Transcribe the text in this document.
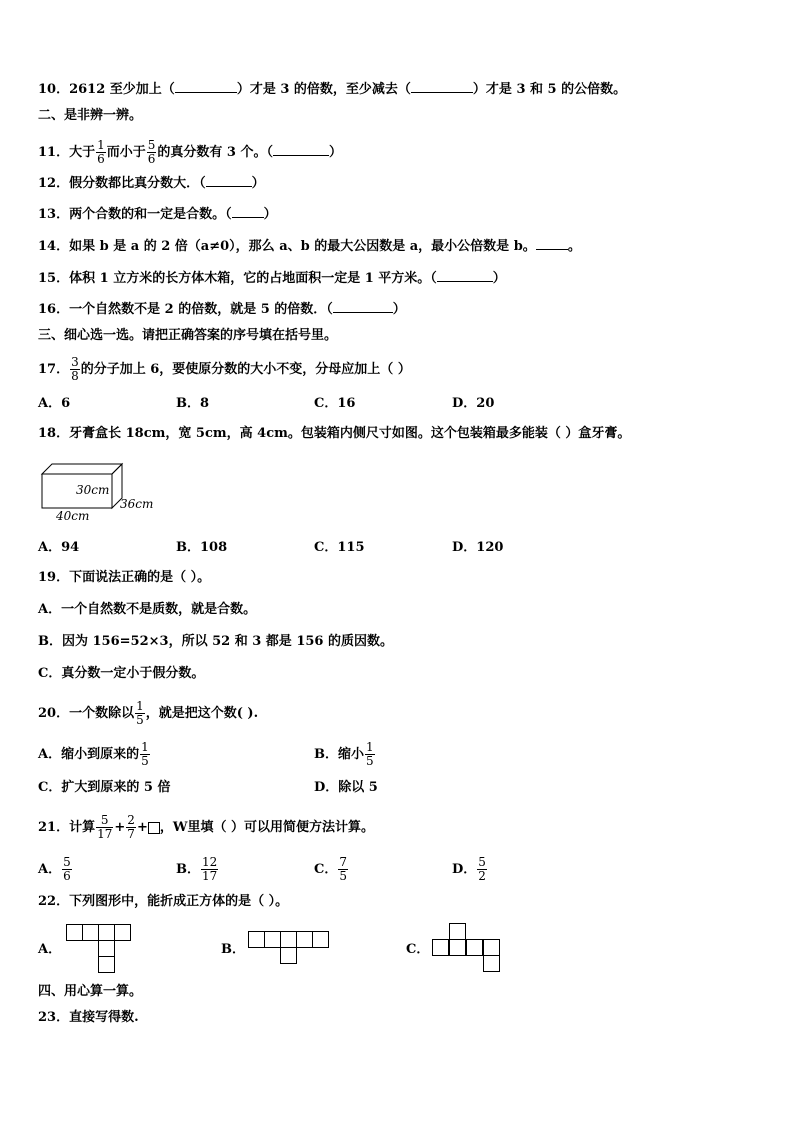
10．2612 至少加上（	）才是 3 的倍数，至少减去（	）才是 3 和 5 的公倍数。
二、是非辨一辨。
11．大于 $\frac{1}{6}$ 而小于 $\frac{5}{6}$ 的真分数有 3 个。（	）
12．假分数都比真分数大．（	）
13．两个合数的和一定是合数。（ ）
14．如果 b 是 a 的 2 倍（a≠0），那么 a、b 的最大公因数是 a，最小公倍数是 b。 。
15．体积 1 立方米的长方体木箱，它的占地面积一定是 1 平方米。（	）
16．一个自然数不是 2 的倍数，就是 5 的倍数．（	）
三、细心选一选。请把正确答案的序号填在括号里。
17． $\frac{3}{8}$ 的分子加上 6，要使原分数的大小不变，分母应加上（ ）
A．6	B．8	C．16	D．20
18．牙膏盒长 18cm，宽 5cm，高 4cm。包装箱内侧尺寸如图。这个包装箱最多能装（ ）盒牙膏。
30cm
36cm
40cm
A．94	B．108	C．115	D．120
19．下面说法正确的是（ ）。
A．一个自然数不是质数，就是合数。
B．因为 156=52×3，所以 52 和 3 都是 156 的质因数。
C．真分数一定小于假分数。
20．一个数除以 $\frac{1}{5}$ ，就是把这个数( ).
A．缩小到原来的 $\frac{1}{5}$	B．缩小 $\frac{1}{5}$
C．扩大到原来的 5 倍	D．除以 5
21．计算 $\frac{5}{17} + \frac{2}{7}$ + ，W里填（ ）可以用简便方法计算。
A． $\frac{5}{6}$	B． $\frac{12}{17}$	C． $\frac{7}{5}$	D． $\frac{5}{2}$
22．下列图形中，能折成正方体的是（ ）。
A．	B．	C．
四、用心算一算。
23．直接写得数.
